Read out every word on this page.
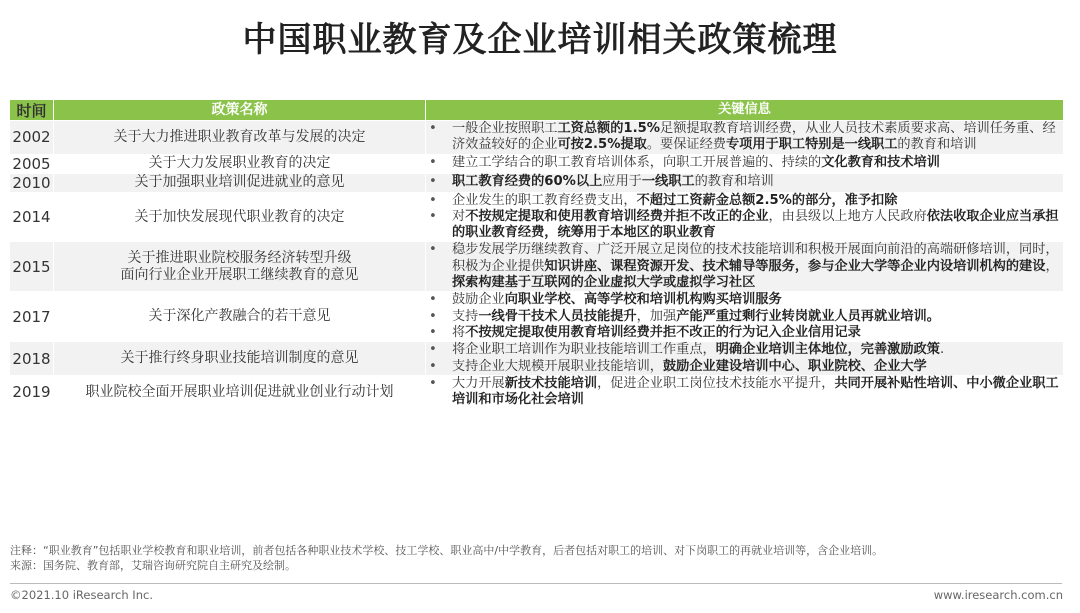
中国职业教育及企业培训相关政策梳理
时间	政策名称	关键信息
2002	关于大力推进职业教育改革与发展的决定
• 一般企业按照职工工资总额的1.5%足额提取教育培训经费，从业人员技术素质要求高、培训任务重、经济效益较好的企业可按2.5%提取。要保证经费专项用于职工特别是一线职工的教育和培训
2005	关于大力发展职业教育的决定	• 建立工学结合的职工教育培训体系，向职工开展普遍的、持续的文化教育和技术培训
2010	关于加强职业培训促进就业的意见	• 职工教育经费的60%以上应用于一线职工的教育和培训
2014	关于加快发展现代职业教育的决定
• 企业发生的职工教育经费支出，不超过工资薪金总额2.5%的部分，准予扣除
• 对不按规定提取和使用教育培训经费并拒不改正的企业，由县级以上地方人民政府依法收取企业应当承担的职业教育经费，统筹用于本地区的职业教育
2015	关于推进职业院校服务经济转型升级
面向行业企业开展职工继续教育的意见
• 稳步发展学历继续教育、广泛开展立足岗位的技术技能培训和积极开展面向前沿的高端研修培训，同时，积极为企业提供知识讲座、课程资源开发、技术辅导等服务，参与企业大学等企业内设培训机构的建设，探索构建基于互联网的企业虚拟大学或虚拟学习社区
2017	关于深化产教融合的若干意见
• 鼓励企业向职业学校、高等学校和培训机构购买培训服务
• 支持一线骨干技术人员技能提升，加强产能严重过剩行业转岗就业人员再就业培训。
• 将不按规定提取使用教育培训经费并拒不改正的行为记入企业信用记录
2018	关于推行终身职业技能培训制度的意见
• 将企业职工培训作为职业技能培训工作重点，明确企业培训主体地位，完善激励政策.
• 支持企业大规模开展职业技能培训，鼓励企业建设培训中心、职业院校、企业大学
2019	职业院校全面开展职业培训促进就业创业行动计划
• 大力开展新技术技能培训，促进企业职工岗位技术技能水平提升，共同开展补贴性培训、中小微企业职工培训和市场化社会培训
注释：“职业教育”包括职业学校教育和职业培训，前者包括各种职业技术学校、技工学校、职业高中/中学教育，后者包括对职工的培训、对下岗职工的再就业培训等，含企业培训。
来源：国务院、教育部，艾瑞咨询研究院自主研究及绘制。
©2021.10 iResearch Inc.	www.iresearch.com.cn
